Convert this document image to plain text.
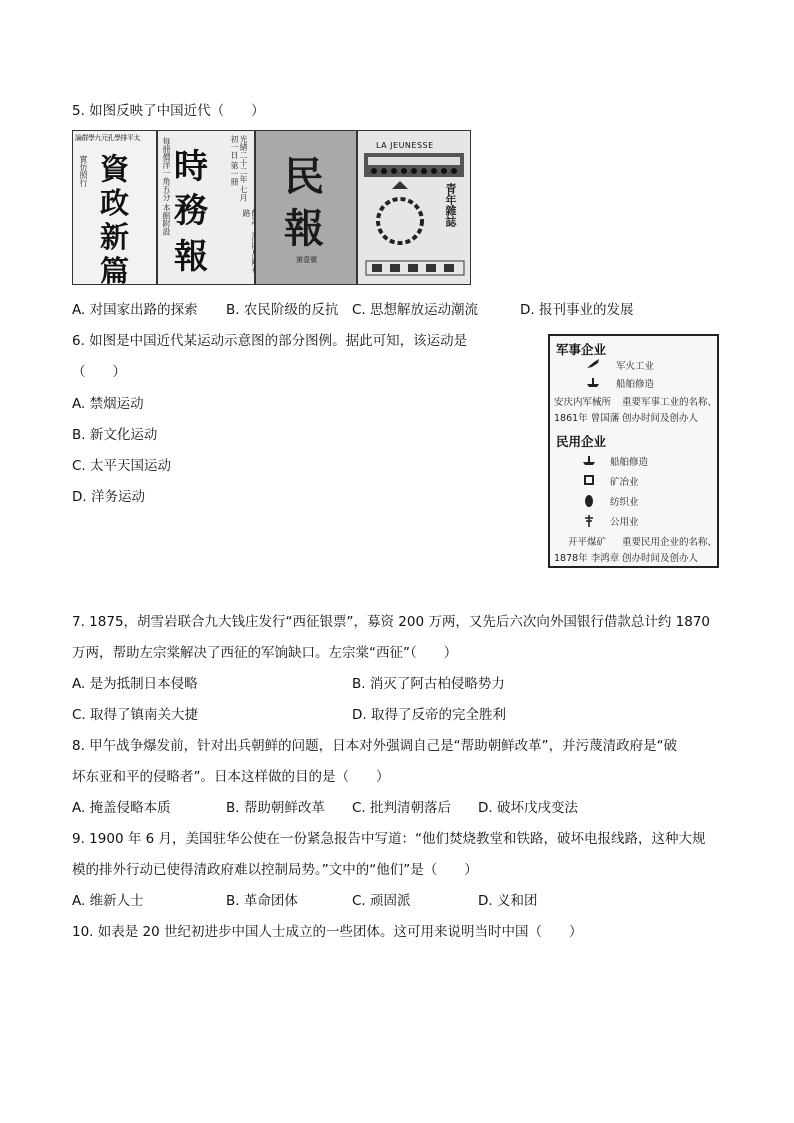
5. 如图反映了中国近代（　　）
論群學九元孔學排平太
實仿照行 資
政
新
篇
每冊價洋一角五分 本館附設 時
務
報
光緒二十二年 七月初一日 第一冊
路
民
報
第壹號
LA JEUNESSE
青年雜誌
A. 对国家出路的探索 B. 农民阶级的反抗 C. 思想解放运动潮流	D. 报刊事业的发展
6. 如图是中国近代某运动示意图的部分图例。据此可知，该运动是
（　　）
A. 禁烟运动
B. 新文化运动
C. 太平天国运动
D. 洋务运动
军事企业
军火工业
船舶修造
安庆内军械所 重要军事工业的名称、
1861年 曾国藩 创办时间及创办人
民用企业
船舶修造
矿冶业
纺织业
公用业
开平煤矿 重要民用企业的名称、
1878年 李鸿章 创办时间及创办人
7. 1875，胡雪岩联合九大钱庄发行“西征银票”，募资 200 万两，又先后六次向外国银行借款总计约 1870
万两，帮助左宗棠解决了西征的军饷缺口。左宗棠“西征”（　　）
A. 是为抵制日本侵略	B. 消灭了阿古柏侵略势力
C. 取得了镇南关大捷	D. 取得了反帝的完全胜利
8. 甲午战争爆发前，针对出兵朝鲜的问题，日本对外强调自己是“帮助朝鲜改革”，并污蔑清政府是“破
坏东亚和平的侵略者”。日本这样做的目的是（　　）
A. 掩盖侵略本质	B. 帮助朝鲜改革 C. 批判清朝落后 D. 破坏戊戌变法
9. 1900 年 6 月，美国驻华公使在一份紧急报告中写道：“他们焚烧教堂和铁路，破坏电报线路，这种大规
模的排外行动已使得清政府难以控制局势。”文中的“他们”是（　　）
A. 维新人士	B. 革命团体	C. 顽固派	D. 义和团
10. 如表是 20 世纪初进步中国人士成立的一些团体。这可用来说明当时中国（　　）
